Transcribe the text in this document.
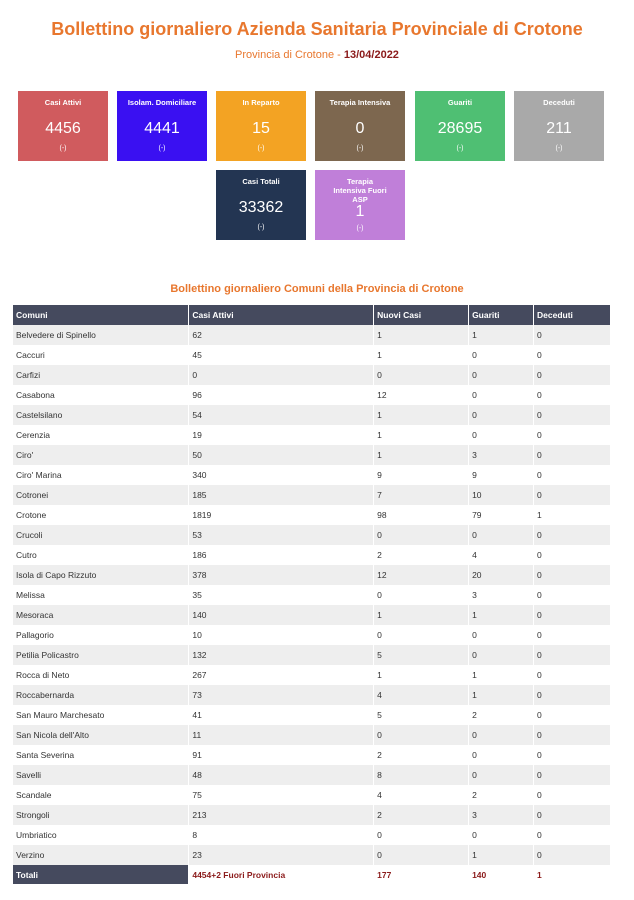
Bollettino giornaliero Azienda Sanitaria Provinciale di Crotone
Provincia di Crotone - 13/04/2022
Casi Attivi
4456
(-)
Isolam. Domiciliare
4441
(-)
In Reparto
15
(-)
Terapia Intensiva
0
(-)
Guariti
28695
(-)
Deceduti
211
(-)
Casi Totali
33362
(-)
Terapia Intensiva Fuori ASP
1
(-)
Bollettino giornaliero Comuni della Provincia di Crotone
Comuni	Casi Attivi	Nuovi Casi	Guariti	Deceduti
Belvedere di Spinello	62	1	1	0
Caccuri	45	1	0	0
Carfizi	0	0	0	0
Casabona	96	12	0	0
Castelsilano	54	1	0	0
Cerenzia	19	1	0	0
Ciro'	50	1	3	0
Ciro' Marina	340	9	9	0
Cotronei	185	7	10	0
Crotone	1819	98	79	1
Crucoli	53	0	0	0
Cutro	186	2	4	0
Isola di Capo Rizzuto	378	12	20	0
Melissa	35	0	3	0
Mesoraca	140	1	1	0
Pallagorio	10	0	0	0
Petilia Policastro	132	5	0	0
Rocca di Neto	267	1	1	0
Roccabernarda	73	4	1	0
San Mauro Marchesato	41	5	2	0
San Nicola dell'Alto	11	0	0	0
Santa Severina	91	2	0	0
Savelli	48	8	0	0
Scandale	75	4	2	0
Strongoli	213	2	3	0
Umbriatico	8	0	0	0
Verzino	23	0	1	0
Totali	4454+2 Fuori Provincia	177	140	1
